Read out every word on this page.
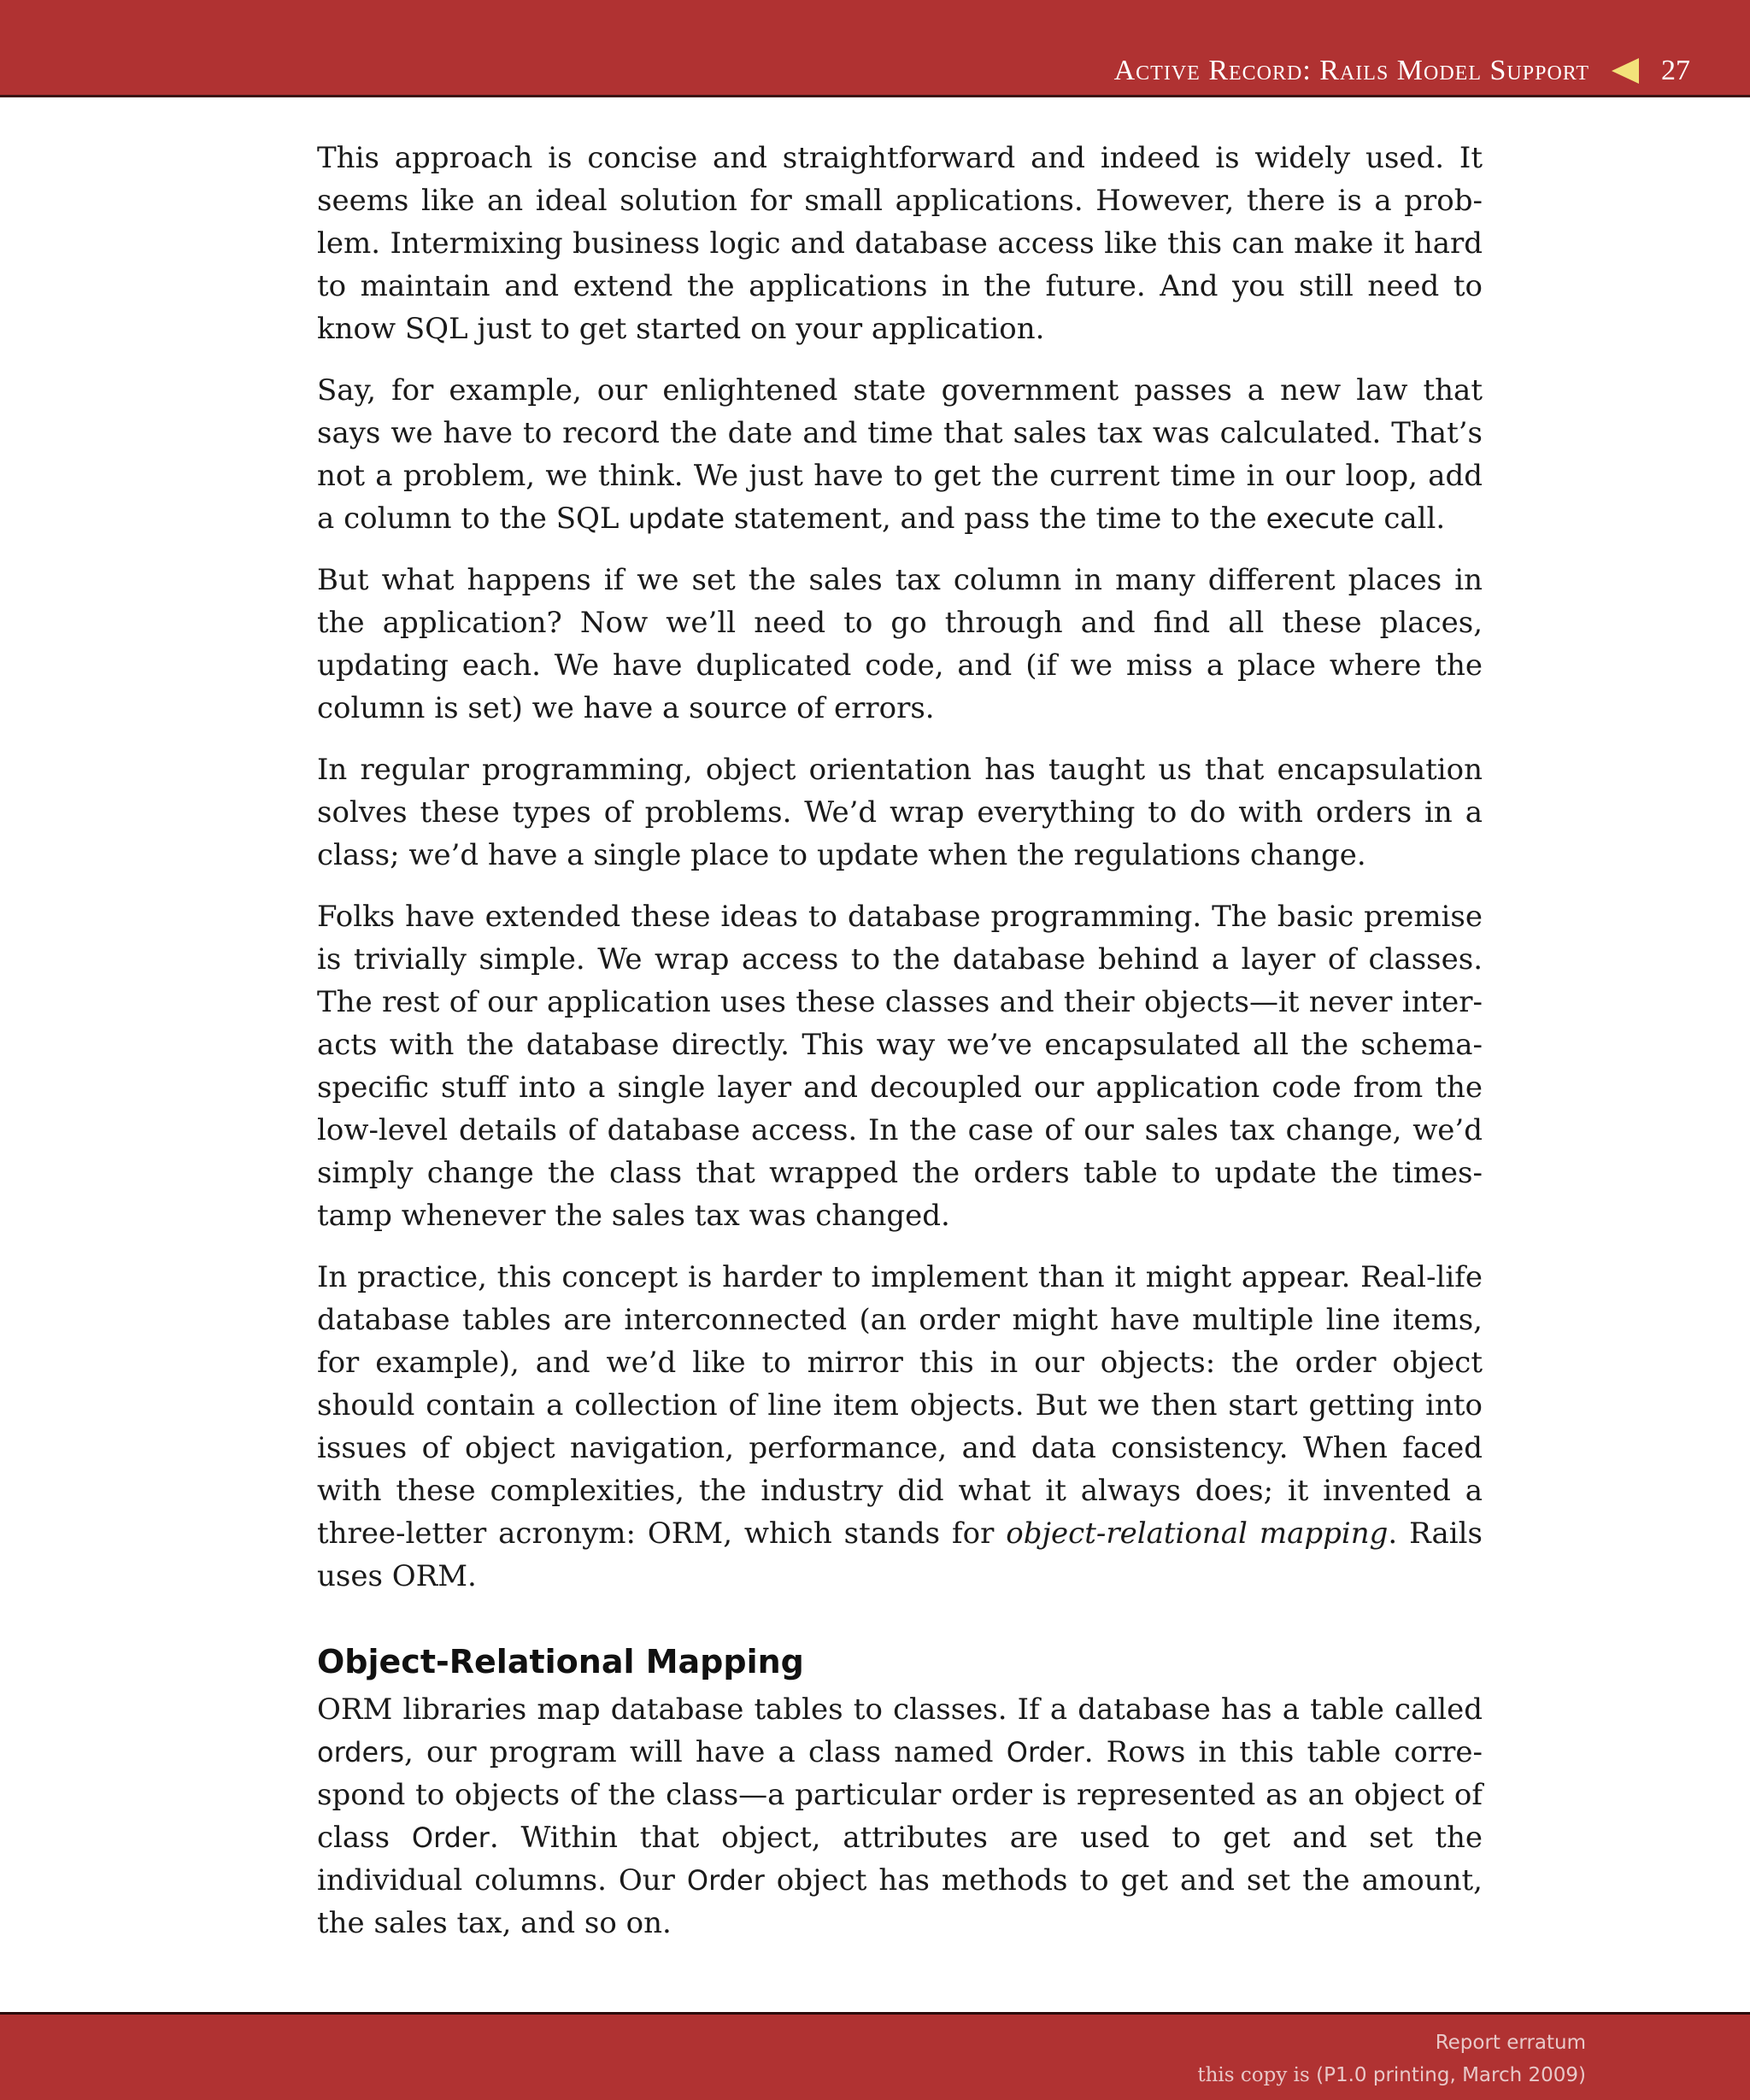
Active Record: Rails Model Support 27

This approach is concise and straightforward and indeed is widely used. It seems like an ideal solution for small applications. However, there is a prob-lem. Intermixing business logic and database access like this can make it hard to maintain and extend the applications in the future. And you still need to know SQL just to get started on your application.

Say, for example, our enlightened state government passes a new law that says we have to record the date and time that sales tax was calculated. That’s not a problem, we think. We just have to get the current time in our loop, add a column to the SQL update statement, and pass the time to the execute call.

But what happens if we set the sales tax column in many different places in the application? Now we’ll need to go through and find all these places, updating each. We have duplicated code, and (if we miss a place where the column is set) we have a source of errors.

In regular programming, object orientation has taught us that encapsulation solves these types of problems. We’d wrap everything to do with orders in a class; we’d have a single place to update when the regulations change.

Folks have extended these ideas to database programming. The basic premise is trivially simple. We wrap access to the database behind a layer of classes. The rest of our application uses these classes and their objects—it never inter-acts with the database directly. This way we’ve encapsulated all the schema-specific stuff into a single layer and decoupled our application code from the low-level details of database access. In the case of our sales tax change, we’d simply change the class that wrapped the orders table to update the times-tamp whenever the sales tax was changed.

In practice, this concept is harder to implement than it might appear. Real-life database tables are interconnected (an order might have multiple line items, for example), and we’d like to mirror this in our objects: the order object should contain a collection of line item objects. But we then start getting into issues of object navigation, performance, and data consistency. When faced with these complexities, the industry did what it always does; it invented a three-letter acronym: ORM, which stands for object-relational mapping. Rails uses ORM.

Object-Relational Mapping

ORM libraries map database tables to classes. If a database has a table called orders, our program will have a class named Order. Rows in this table corre-spond to objects of the class—a particular order is represented as an object of class Order. Within that object, attributes are used to get and set the individual columns. Our Order object has methods to get and set the amount, the sales tax, and so on.

Report erratum
this copy is (P1.0 printing, March 2009)
